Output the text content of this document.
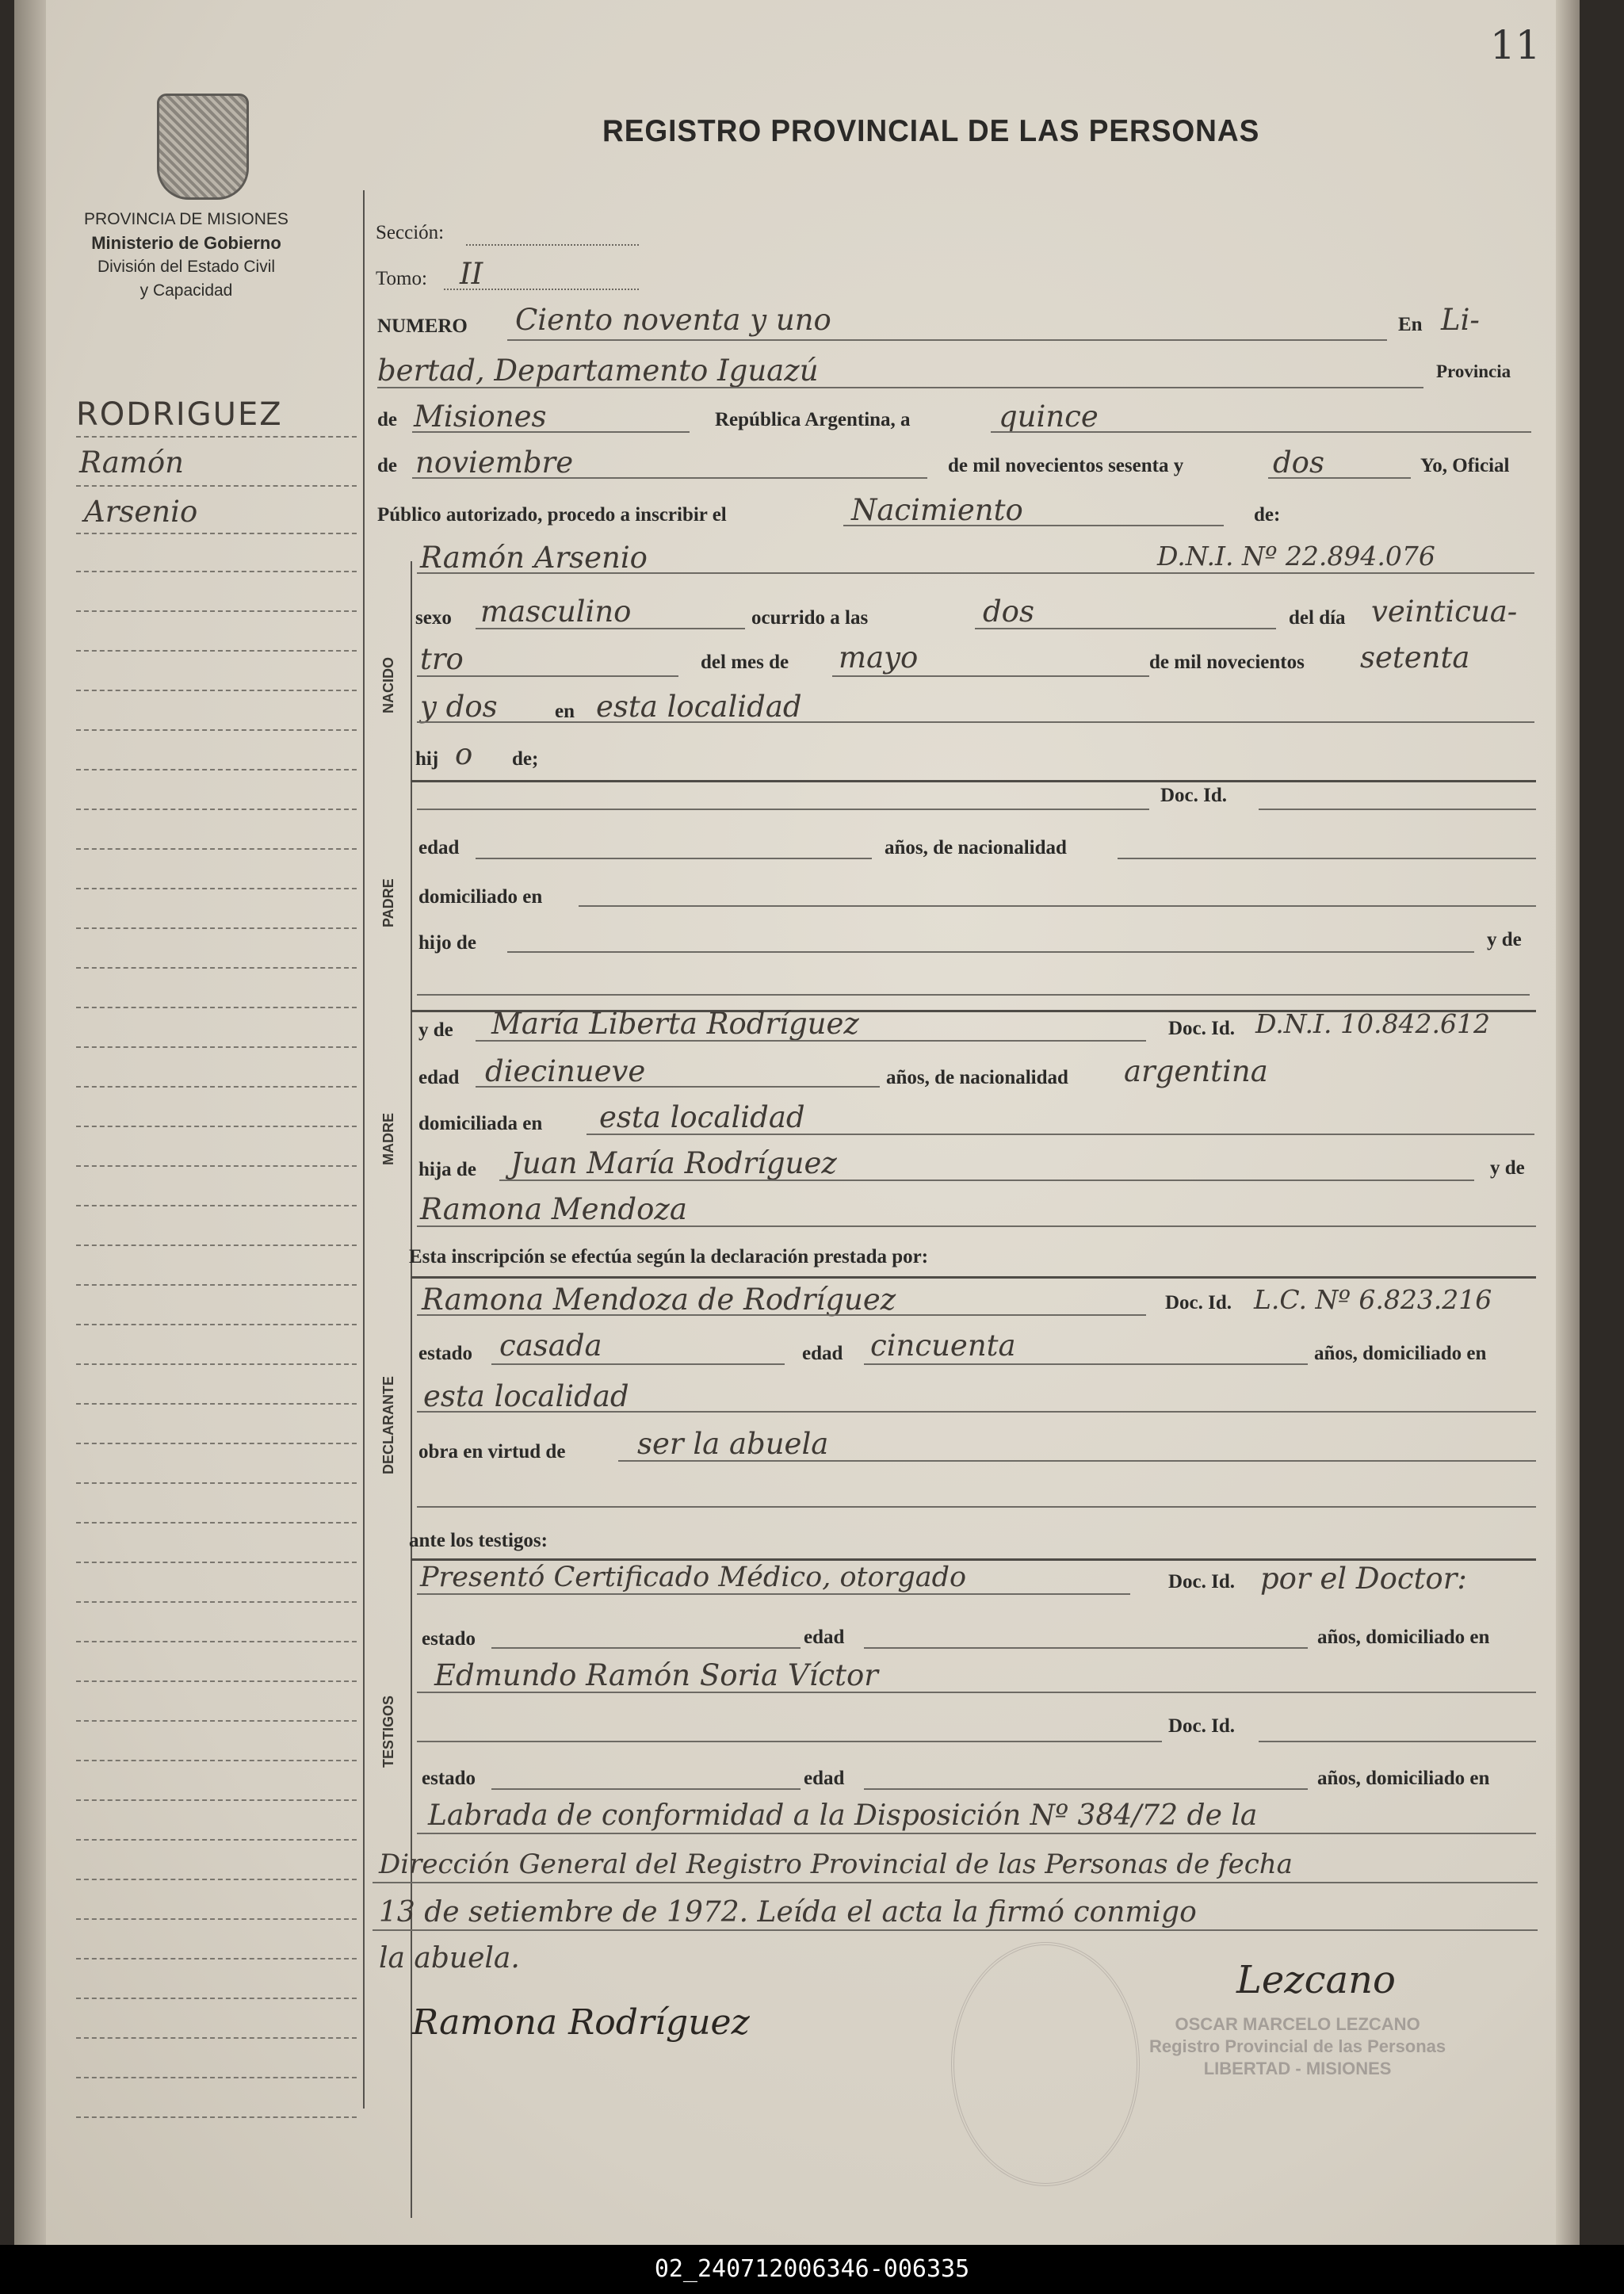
11
PROVINCIA DE MISIONES
Ministerio de Gobierno
División del Estado Civil
y Capacidad
REGISTRO PROVINCIAL DE LAS PERSONAS
RODRIGUEZ
Ramón
Arsenio
NACIDO
PADRE
MADRE
DECLARANTE
TESTIGOS
Sección:
Tomo: II
NUMERO Ciento noventa y uno	En Li-
bertad, Departamento Iguazú	Provincia
de Misiones	República Argentina, a	quince
de noviembre	de mil novecientos sesenta y	dos	Yo, Oficial
Público autorizado, procedo a inscribir el	Nacimiento	de:
Ramón Arsenio	D.N.I. Nº 22.894.076
sexo masculino	ocurrido a las	dos	del día veinticua-
tro	del mes de mayo	de mil novecientos setenta
y dos	en esta localidad
hij o de;
Doc. Id.
edad	años, de nacionalidad
domiciliado en
hijo de	y de
y de María Liberta Rodríguez	Doc. Id. D.N.I. 10.842.612
edad diecinueve	años, de nacionalidad argentina
domiciliada en esta localidad
hija de Juan María Rodríguez	y de
Ramona Mendoza
Esta inscripción se efectúa según la declaración prestada por:
Ramona Mendoza de Rodríguez	Doc. Id. L.C. Nº 6.823.216
estado casada	edad cincuenta	años, domiciliado en
esta localidad
obra en virtud de ser la abuela
ante los testigos:
Presentó Certificado Médico, otorgado	Doc. Id. por el Doctor:
estado	edad	años, domiciliado en
Edmundo Ramón Soria Víctor
Doc. Id.
estado	edad	años, domiciliado en
Labrada de conformidad a la Disposición Nº 384/72 de la
Dirección General del Registro Provincial de las Personas de fecha
13 de setiembre de 1972. Leída el acta la firmó conmigo
la abuela.
Ramona Rodríguez
Lezcano
OSCAR MARCELO LEZCANO
Registro Provincial de las Personas
LIBERTAD - MISIONES
02_240712006346-006335
